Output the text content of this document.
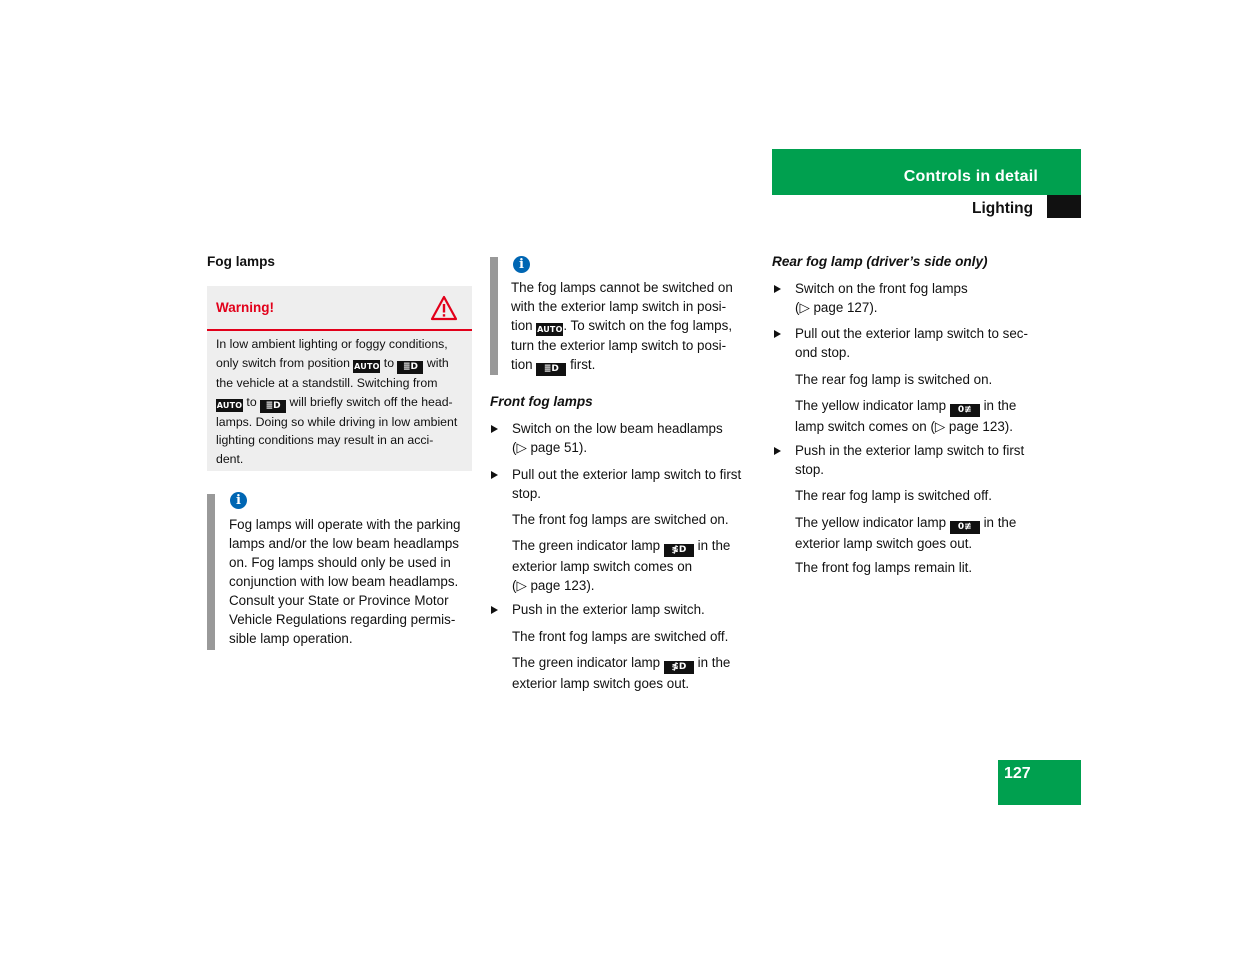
Controls in detail
Lighting
Fog lamps
Warning!

In low ambient lighting or foggy conditions,

only switch from position AUTO to ≣D with

the vehicle at a standstill. Switching from

AUTO to ≣D will briefly switch off the head-

lamps. Doing so while driving in low ambient

lighting conditions may result in an acci-

dent.

i

Fog lamps will operate with the parking

lamps and/or the low beam headlamps

on. Fog lamps should only be used in

conjunction with low beam headlamps.

Consult your State or Province Motor

Vehicle Regulations regarding permis-

sible lamp operation.

i

The fog lamps cannot be switched on

with the exterior lamp switch in posi-

tion AUTO. To switch on the fog lamps,

turn the exterior lamp switch to posi-

tion ≣D first.

Front fog lamps

Switch on the low beam headlamps

(▷ page 51).

Pull out the exterior lamp switch to first

stop.

The front fog lamps are switched on.

The green indicator lamp ≸D in the

exterior lamp switch comes on

(▷ page 123).

Push in the exterior lamp switch.
The front fog lamps are switched off.

The green indicator lamp ≸D in the

exterior lamp switch goes out.

Rear fog lamp (driver’s side only)

Switch on the front fog lamps

(▷ page 127).

Pull out the exterior lamp switch to sec-

ond stop.

The rear fog lamp is switched on.

The yellow indicator lamp 0≢ in the

lamp switch comes on (▷ page 123).

Push in the exterior lamp switch to first

stop.

The rear fog lamp is switched off.

The yellow indicator lamp 0≢ in the

exterior lamp switch goes out.

The front fog lamps remain lit.
127
